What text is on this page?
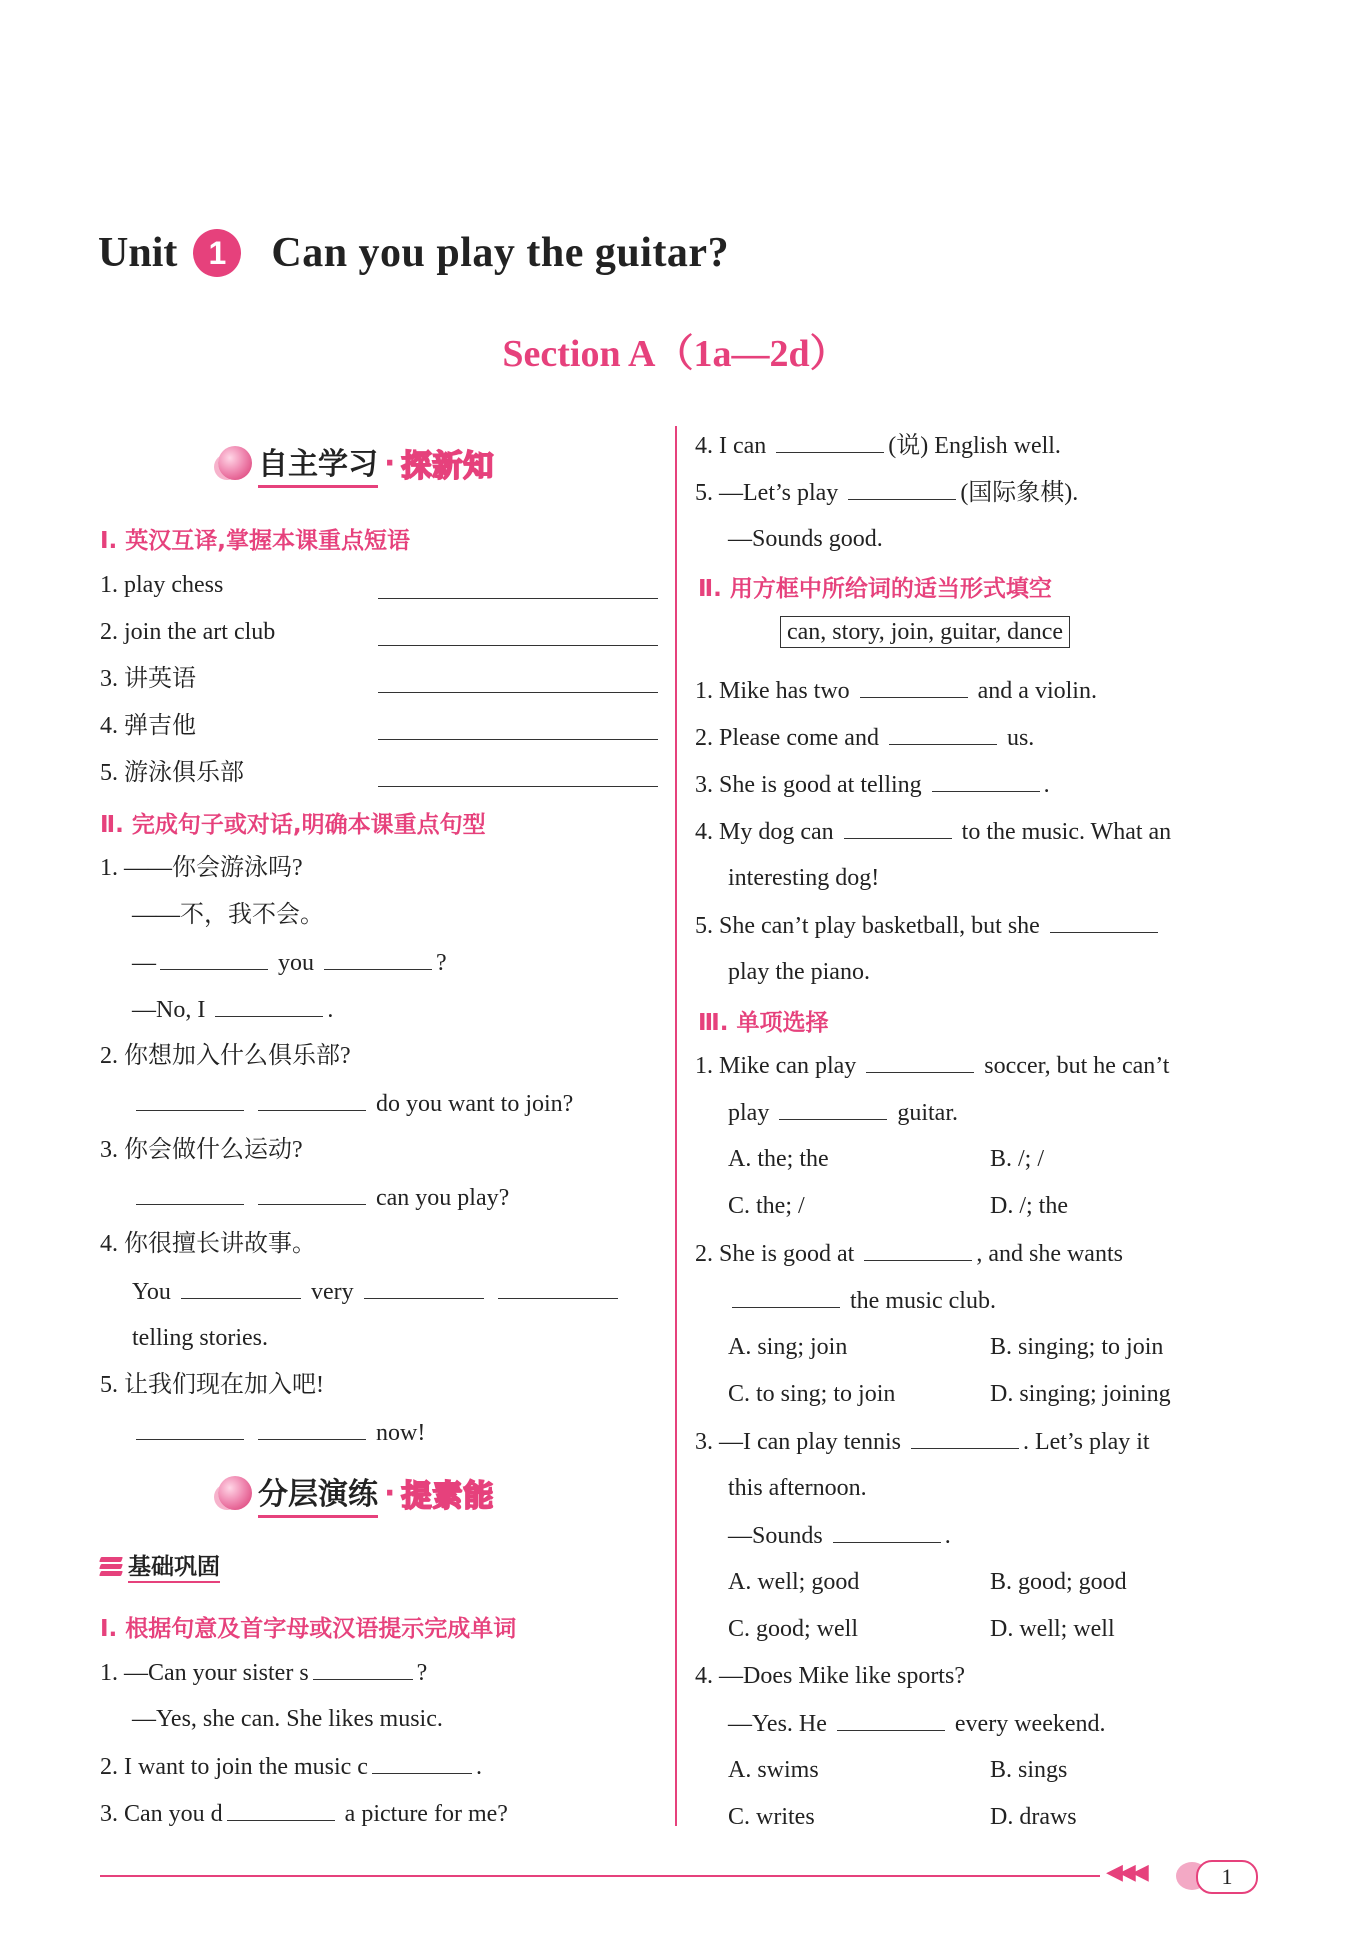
Unit 1	Can you play the guitar?
Section A（1a—2d）
自主学习 · 探新知
Ⅰ. 英汉互译,掌握本课重点短语
1. play chess
2. join the art club
3. 讲英语
4. 弹吉他
5. 游泳俱乐部
Ⅱ. 完成句子或对话,明确本课重点句型
1. ——你会游泳吗?
——不，我不会。
—	you	?
—No, I	.
2. 你想加入什么俱乐部?
do you want to join?
3. 你会做什么运动?
can you play?
4. 你很擅长讲故事。
You	very
telling stories.
5. 让我们现在加入吧!
now!
分层演练 · 提素能
基础巩固
Ⅰ. 根据句意及首字母或汉语提示完成单词
1. —Can your sister s	?
—Yes, she can. She likes music.
2. I want to join the music c	.
3. Can you d	a picture for me?
4. I can	(说) English well.
5. —Let’s play	(国际象棋).
—Sounds good.
Ⅱ. 用方框中所给词的适当形式填空
can, story, join, guitar, dance
1. Mike has two	and a violin.
2. Please come and	us.
3. She is good at telling	.
4. My dog can	to the music. What an
interesting dog!
5. She can’t play basketball, but she
play the piano.
Ⅲ. 单项选择
1. Mike can play	soccer, but he can’t
play	guitar.
A. the; the	B. /; /
C. the; /	D. /; the
2. She is good at	, and she wants
the music club.
A. sing; join	B. singing; to join
C. to sing; to join	D. singing; joining
3. —I can play tennis	. Let’s play it
this afternoon.
—Sounds	.
A. well; good	B. good; good
C. good; well	D. well; well
4. —Does Mike like sports?
—Yes. He	every weekend.
A. swims	B. sings
C. writes	D. draws
◀◀◀	1
